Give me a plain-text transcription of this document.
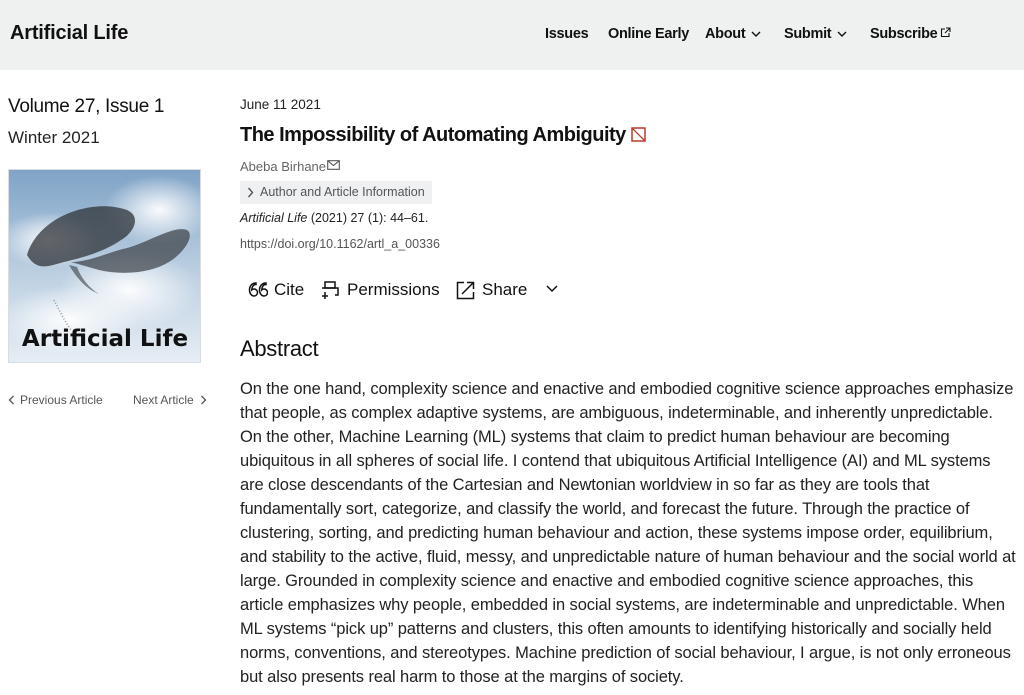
Artificial Life	Issues Online Early About	Submit	Subscribe
Volume 27, Issue 1
Winter 2021
Artificial Life
Previous Article	Next Article
June 11 2021
The Impossibility of Automating Ambiguity
Abeba Birhane
Author and Article Information
Artificial Life (2021) 27 (1): 44–61.
https://doi.org/10.1162/artl_a_00336
Cite	Permissions	Share
Abstract
On the one hand, complexity science and enactive and embodied cognitive science approaches emphasize that people, as complex adaptive systems, are ambiguous, indeterminable, and inherently unpredictable. On the other, Machine Learning (ML) systems that claim to predict human behaviour are becoming ubiquitous in all spheres of social life. I contend that ubiquitous Artificial Intelligence (AI) and ML systems are close descendants of the Cartesian and Newtonian worldview in so far as they are tools that fundamentally sort, categorize, and classify the world, and forecast the future. Through the practice of clustering, sorting, and predicting human behaviour and action, these systems impose order, equilibrium, and stability to the active, fluid, messy, and unpredictable nature of human behaviour and the social world at large. Grounded in complexity science and enactive and embodied cognitive science approaches, this article emphasizes why people, embedded in social systems, are indeterminable and unpredictable. When ML systems “pick up” patterns and clusters, this often amounts to identifying historically and socially held norms, conventions, and stereotypes. Machine prediction of social behaviour, I argue, is not only erroneous but also presents real harm to those at the margins of society.
